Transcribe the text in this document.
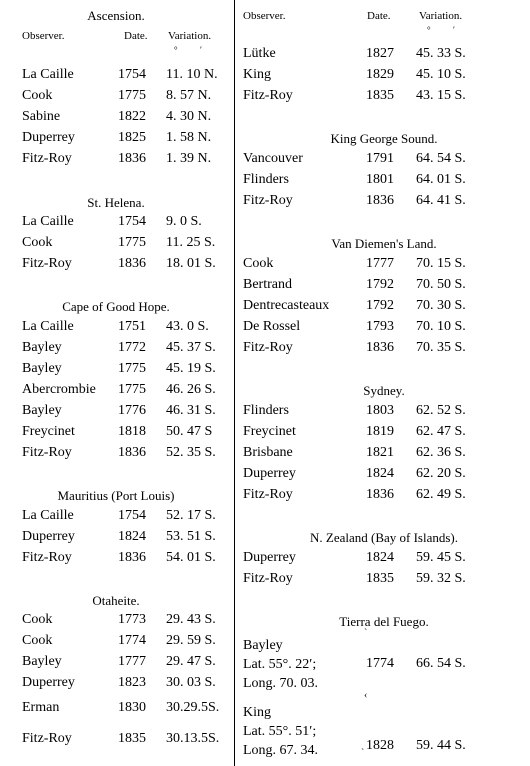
Observer.	Date. Variation.
° ′
Ascension.
La Caille	1754 11. 10 N.
Cook	1775 8. 57 N.
Sabine	1822 4. 30 N.
Duperrey	1825 1. 58 N.
Fitz-Roy	1836 1. 39 N.
St. Helena.
La Caille	1754 9. 0 S.
Cook	1775 11. 25 S.
Fitz-Roy	1836 18. 01 S.
Cape of Good Hope.
La Caille	1751 43. 0 S.
Bayley	1772 45. 37 S.
Bayley	1775 45. 19 S.
Abercrombie 1775 46. 26 S.
Bayley	1776 46. 31 S.
Freycinet	1818 50. 47 S
Fitz-Roy	1836 52. 35 S.
Mauritius (Port Louis)
La Caille	1754 52. 17 S.
Duperrey	1824 53. 51 S.
Fitz-Roy	1836 54. 01 S.
Otaheite.
Cook	1773 29. 43 S.
Cook	1774 29. 59 S.
Bayley	1777 29. 47 S.
Duperrey	1823 30. 03 S.
Erman	1830 30.29.5S.
Fitz-Roy	1835 30.13.5S.
Observer.	Date.	Variation.
° ′
Lütke	1827 45. 33 S.
King	1829 45. 10 S.
Fitz-Roy	1835 43. 15 S.
King George Sound.
Vancouver	1791 64. 54 S.
Flinders	1801 64. 01 S.
Fitz-Roy	1836 64. 41 S.
Van Diemen's Land.
Cook	1777 70. 15 S.
Bertrand	1792 70. 50 S.
Dentrecasteaux	1792 70. 30 S.
De Rossel	1793 70. 10 S.
Fitz-Roy	1836 70. 35 S.
Sydney.
Flinders	1803 62. 52 S.
Freycinet	1819 62. 47 S.
Brisbane	1821 62. 36 S.
Duperrey	1824 62. 20 S.
Fitz-Roy	1836 62. 49 S.
N. Zealand (Bay of Islands).
Duperrey	1824 59. 45 S.
Fitz-Roy	1835 59. 32 S.
Tierra del Fuego.
Bayley
Lat. 55°. 22′;
Long. 70. 03.
1774 66. 54 S.
King
Lat. 55°. 51′;
Long. 67. 34.	1828 59. 44 S.
ˋ
‹
ˋ
